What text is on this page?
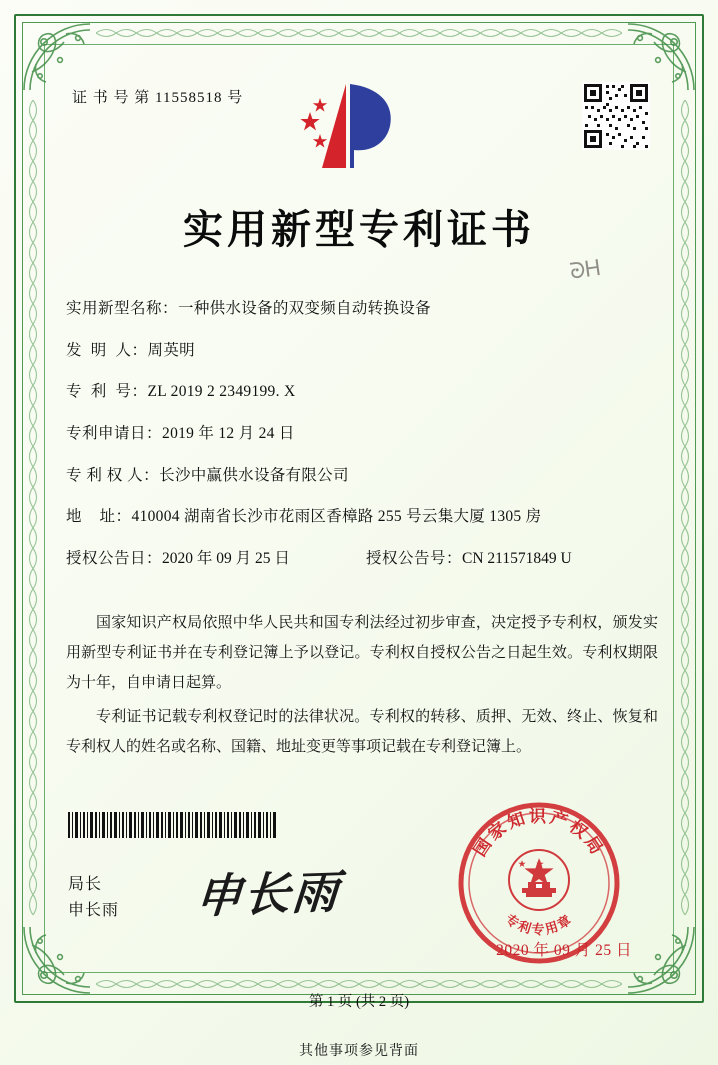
证 书 号 第 11558518 号
实用新型专利证书
ᘒᎻ
实用新型名称： 一种供水设备的双变频自动转换设备
发  明  人： 周英明
专  利  号： ZL 2019 2 2349199. X
专利申请日： 2019 年 12 月 24 日
专 利 权 人： 长沙中赢供水设备有限公司
地    址： 410004 湖南省长沙市花雨区香樟路 255 号云集大厦 1305 房
授权公告日： 2020 年 09 月 25 日	授权公告号： CN 211571849 U

国家知识产权局依照中华人民共和国专利法经过初步审查，决定授予专利权，颁发实用新型专利证书并在专利登记簿上予以登记。专利权自授权公告之日起生效。专利权期限为十年，自申请日起算。

专利证书记载专利权登记时的法律状况。专利权的转移、质押、无效、终止、恢复和专利权人的姓名或名称、国籍、地址变更等事项记载在专利登记簿上。

局长
申长雨 申长雨
国家知识产权局
专利专用章
2020 年 09 月 25 日
第 1 页 (共 2 页)
其他事项参见背面
